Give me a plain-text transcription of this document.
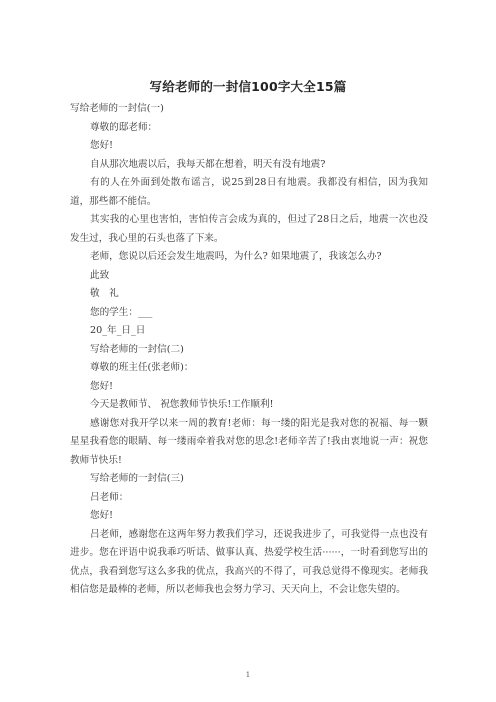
写给老师的一封信100字大全15篇

写给老师的一封信(一)

尊敬的邸老师：

您好!

自从那次地震以后，我每天都在想着，明天有没有地震?

有的人在外面到处散布谣言，说25到28日有地震。我都没有相信，因为我知道，那些都不能信。

其实我的心里也害怕，害怕传言会成为真的，但过了28日之后，地震一次也没发生过，我心里的石头也落了下来。

老师，您说以后还会发生地震吗，为什么? 如果地震了，我该怎么办?

此致

敬　礼

您的学生：___

20_年_日_日

写给老师的一封信(二)

尊敬的班主任(张老师)：

您好!

今天是教师节、 祝您教师节快乐!工作顺利!

感谢您对我开学以来一周的教育!老师：每一缕的阳光是我对您的祝福、每一颗星星我看您的眼睛、每一缕雨牵着我对您的思念!老师辛苦了!我由衷地说一声：祝您教师节快乐!

写给老师的一封信(三)

吕老师：

您好!

吕老师，感谢您在这两年努力教我们学习，还说我进步了，可我觉得一点也没有进步。您在评语中说我乖巧听话、做事认真、热爱学校生活······，一时看到您写出的优点，我看到您写这么多我的优点，我高兴的不得了，可我总觉得不像现实。老师我相信您是最棒的老师，所以老师我也会努力学习、天天向上，不会让您失望的。

1
